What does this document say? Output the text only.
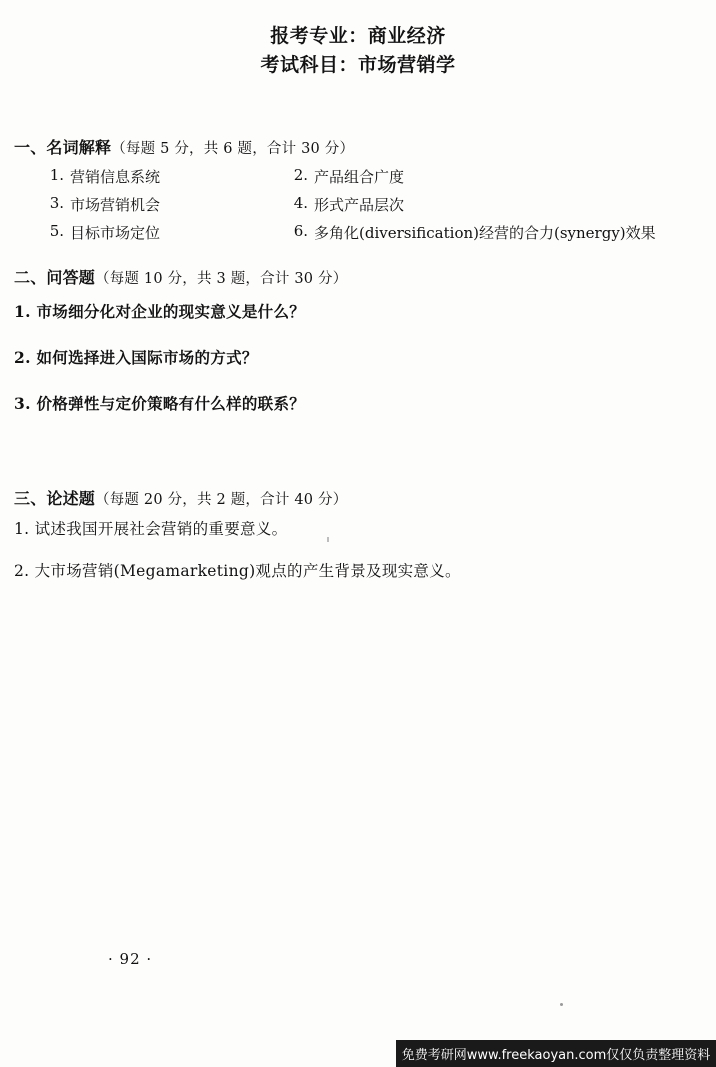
报考专业：商业经济
考试科目：市场营销学
一、名词解释（每题 5 分，共 6 题，合计 30 分）
1. 营销信息系统	2. 产品组合广度
3. 市场营销机会	4. 形式产品层次
5. 目标市场定位	6. 多角化(diversification)经营的合力(synergy)效果
二、问答题（每题 10 分，共 3 题，合计 30 分）
1. 市场细分化对企业的现实意义是什么？
2. 如何选择进入国际市场的方式？
3. 价格弹性与定价策略有什么样的联系？
三、论述题（每题 20 分，共 2 题，合计 40 分）
1. 试述我国开展社会营销的重要意义。
2. 大市场营销(Megamarketing)观点的产生背景及现实意义。
· 92 ·
免费考研网www.freekaoyan.com仅仅负责整理资料
